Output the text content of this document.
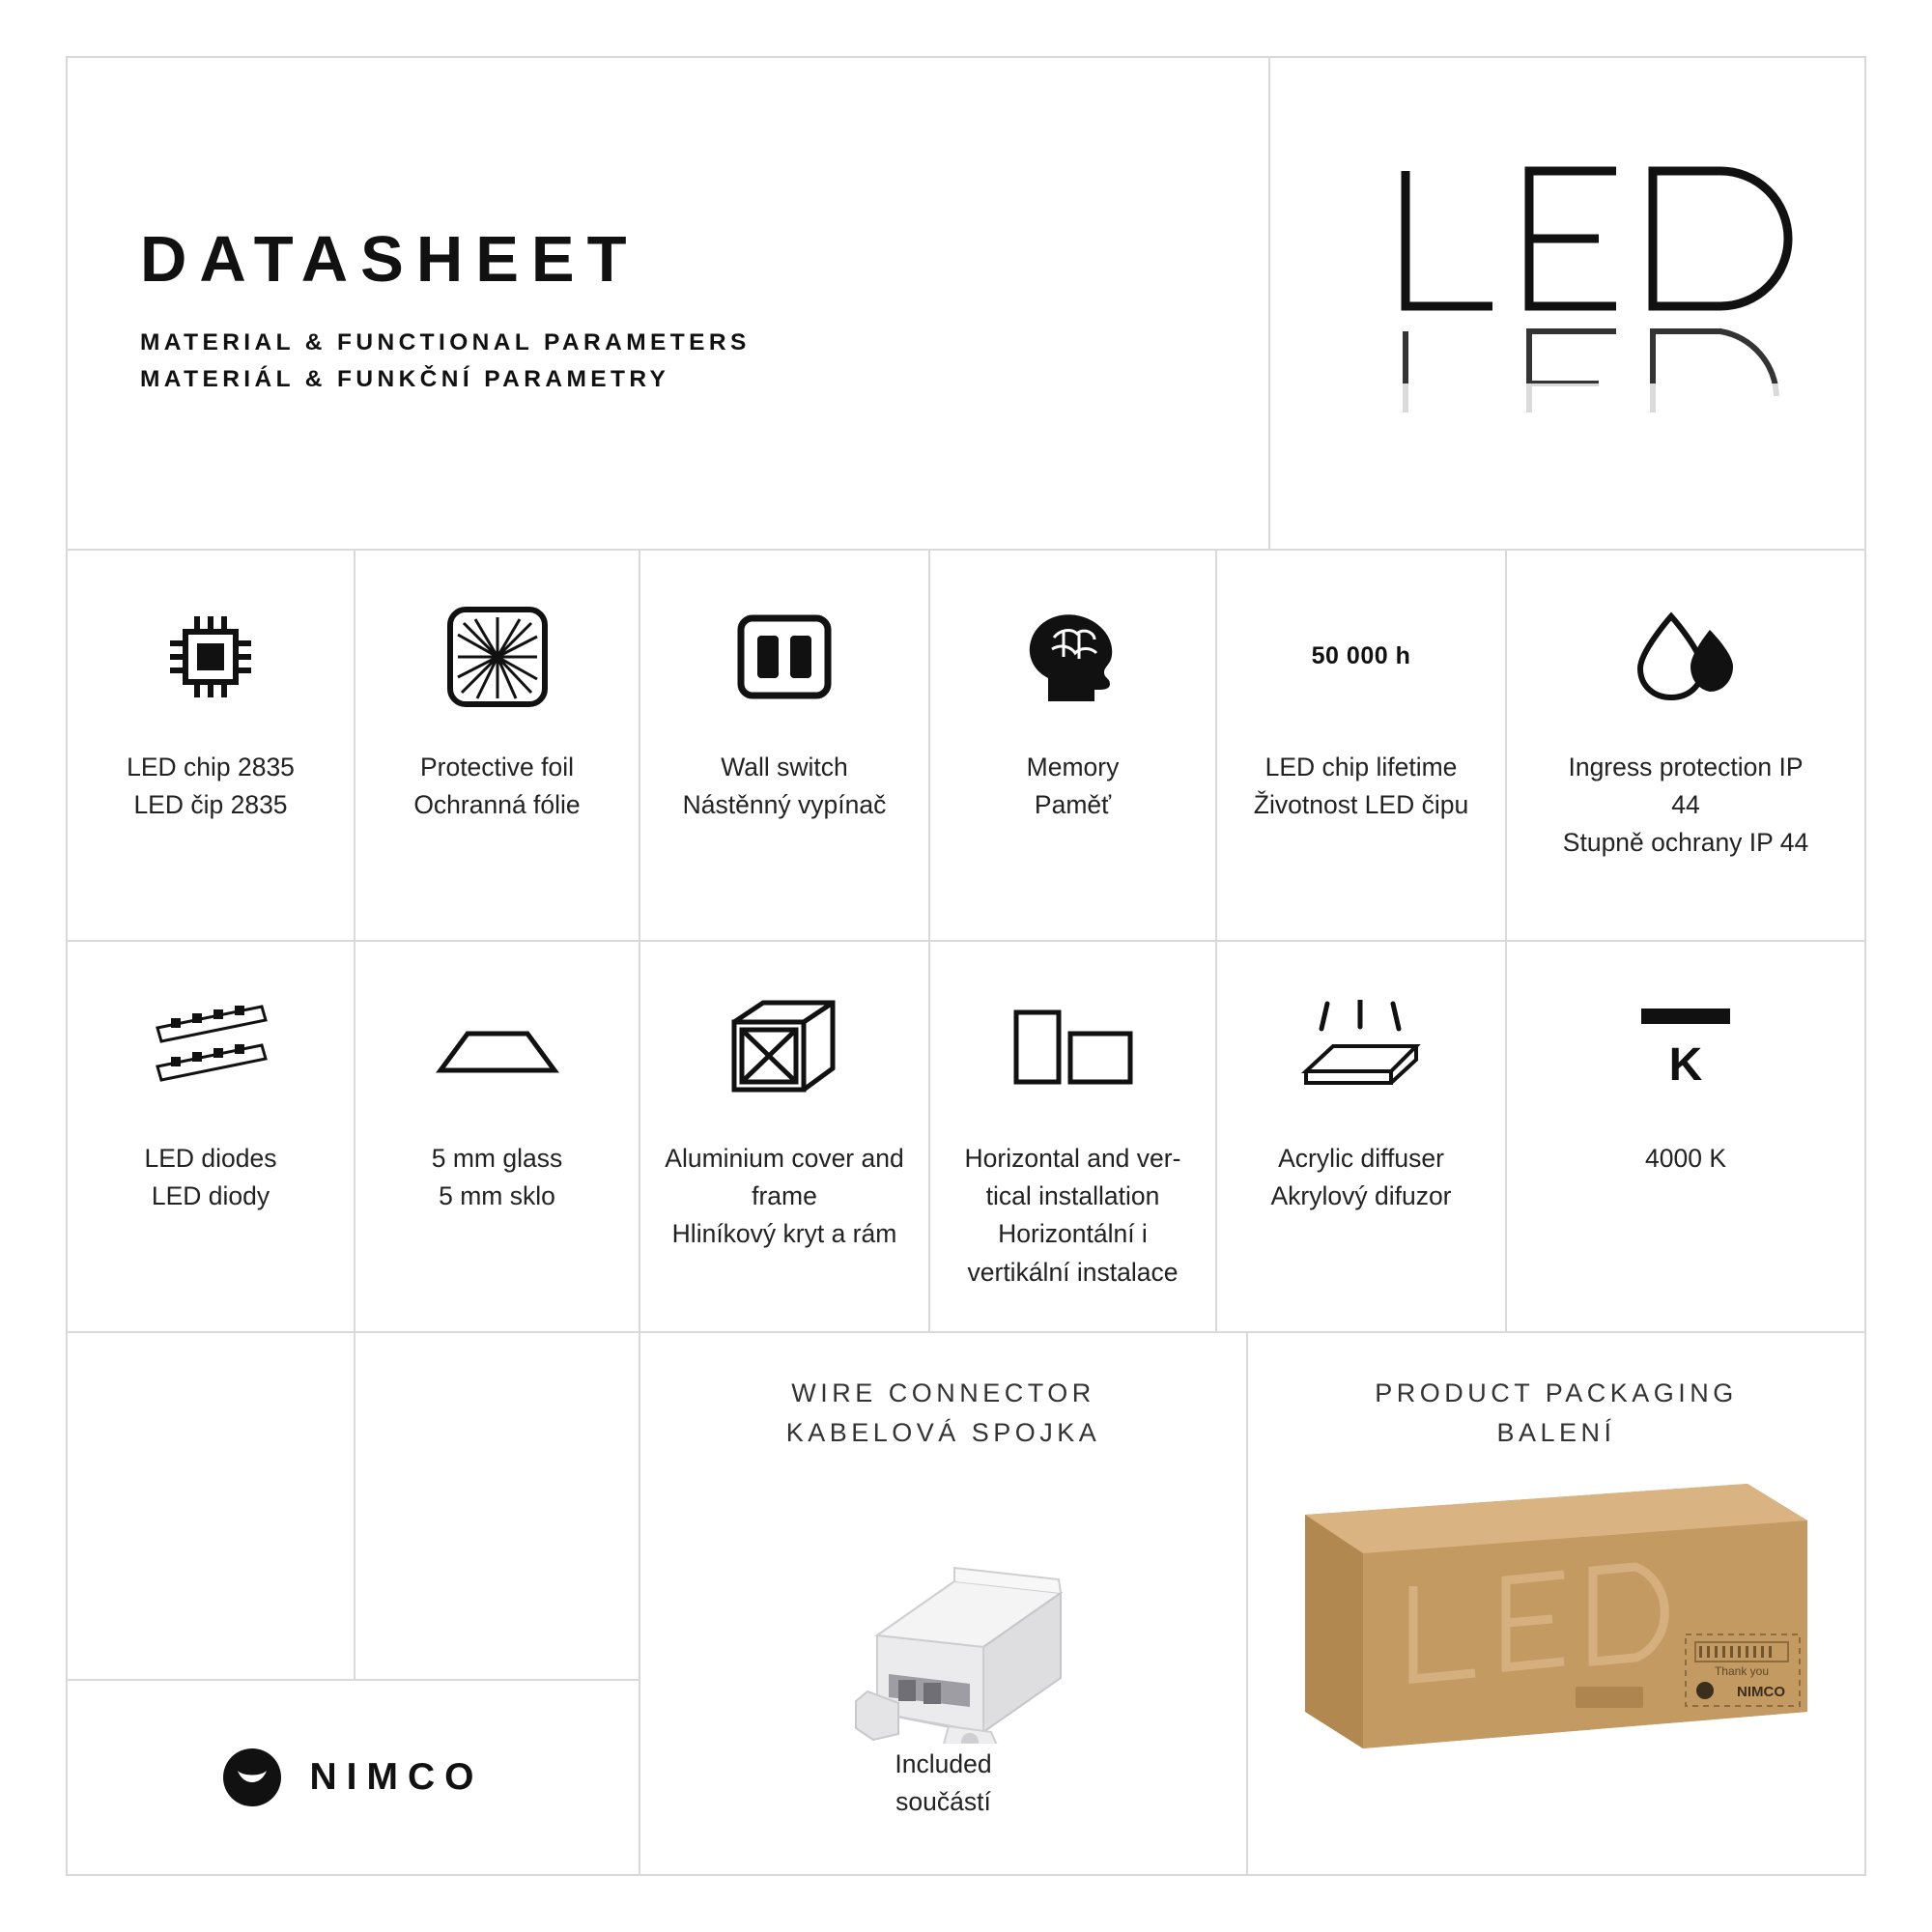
DATASHEET
MATERIAL & FUNCTIONAL PARAMETERS
MATERIÁL & FUNKČNÍ PARAMETRY
LED chip 2835
LED čip 2835
Protective foil
Ochranná fólie
Wall switch
Nástěnný vypínač
Memory
Paměť
50 000 h
LED chip lifetime
Životnost LED čipu
Ingress protection IP 44
Stupně ochrany IP 44
LED diodes
LED diody
5 mm glass
5 mm sklo
Aluminium cover and frame
Hliníkový kryt a rám
Horizontal and ver-tical installation
Horizontální i vertikální instalace
Acrylic diffuser
Akrylový difuzor
K
4000 K
NIMCO
WIRE CONNECTOR
KABELOVÁ SPOJKA
Included
součástí
PRODUCT PACKAGING
BALENÍ
Thank you
NIMCO
